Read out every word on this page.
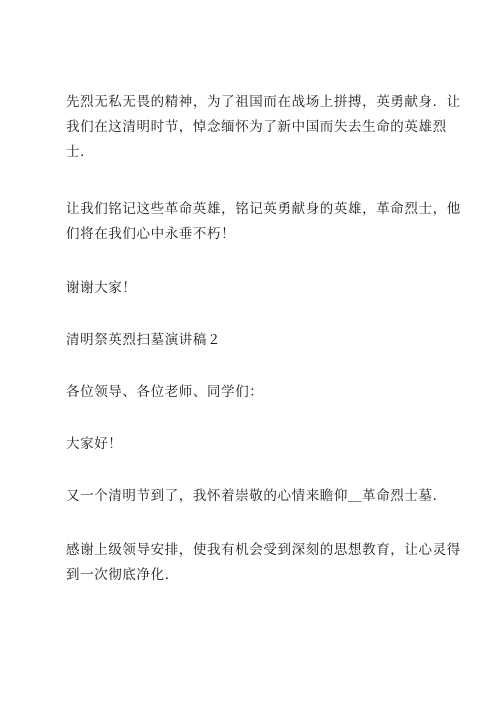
先烈无私无畏的精神，为了祖国而在战场上拼搏，英勇献身．让
我们在这清明时节，悼念缅怀为了新中国而失去生命的英雄烈
士．

让我们铭记这些革命英雄，铭记英勇献身的英雄，革命烈士，他
们将在我们心中永垂不朽！

谢谢大家！

清明祭英烈扫墓演讲稿２

各位领导、各位老师、同学们：

大家好！

又一个清明节到了，我怀着崇敬的心情来瞻仰＿革命烈士墓．

感谢上级领导安排，使我有机会受到深刻的思想教育，让心灵得
到一次彻底净化．
